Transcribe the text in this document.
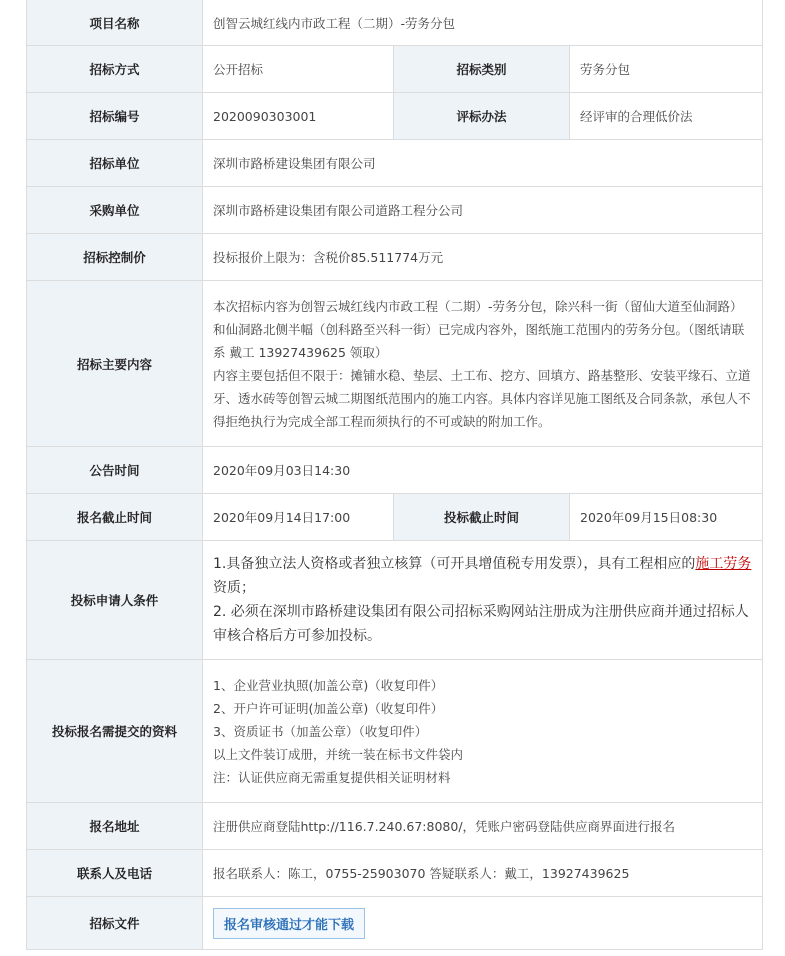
项目名称	创智云城红线内市政工程（二期）-劳务分包		
招标方式	公开招标	招标类别	劳务分包
招标编号	2020090303001	评标办法	经评审的合理低价法
招标单位	深圳市路桥建设集团有限公司		
采购单位	深圳市路桥建设集团有限公司道路工程分公司		
招标控制价	投标报价上限为：含税价85.511774万元		
招标主要内容	本次招标内容为创智云城红线内市政工程（二期）-劳务分包，除兴科一街（留仙大道至仙洞路）和仙洞路北侧半幅（创科路至兴科一街）已完成内容外，图纸施工范围内的劳务分包。（图纸请联系 戴工 13927439625 领取）
内容主要包括但不限于：摊铺水稳、垫层、土工布、挖方、回填方、路基整形、安装平缘石、立道牙、透水砖等创智云城二期图纸范围内的施工内容。具体内容详见施工图纸及合同条款，承包人不得拒绝执行为完成全部工程而须执行的不可或缺的附加工作。		

公告时间	2020年09月03日14:30		
报名截止时间	2020年09月14日17:00	投标截止时间	2020年09月15日08:30
投标申请人条件	1.具备独立法人资格或者独立核算（可开具增值税专用发票），具有工程相应的施工劳务资质；
2. 必须在深圳市路桥建设集团有限公司招标采购网站注册成为注册供应商并通过招标人审核合格后方可参加投标。		

投标报名需提交的资料	1、企业营业执照(加盖公章)（收复印件）
2、开户许可证明(加盖公章)（收复印件）
3、资质证书（加盖公章）（收复印件）
以上文件装订成册，并统一装在标书文件袋内
注：认证供应商无需重复提供相关证明材料		

报名地址	注册供应商登陆http://116.7.240.67:8080/，凭账户密码登陆供应商界面进行报名		
联系人及电话	报名联系人：陈工，0755-25903070 答疑联系人：戴工，13927439625		
招标文件	报名审核通过才能下载		
